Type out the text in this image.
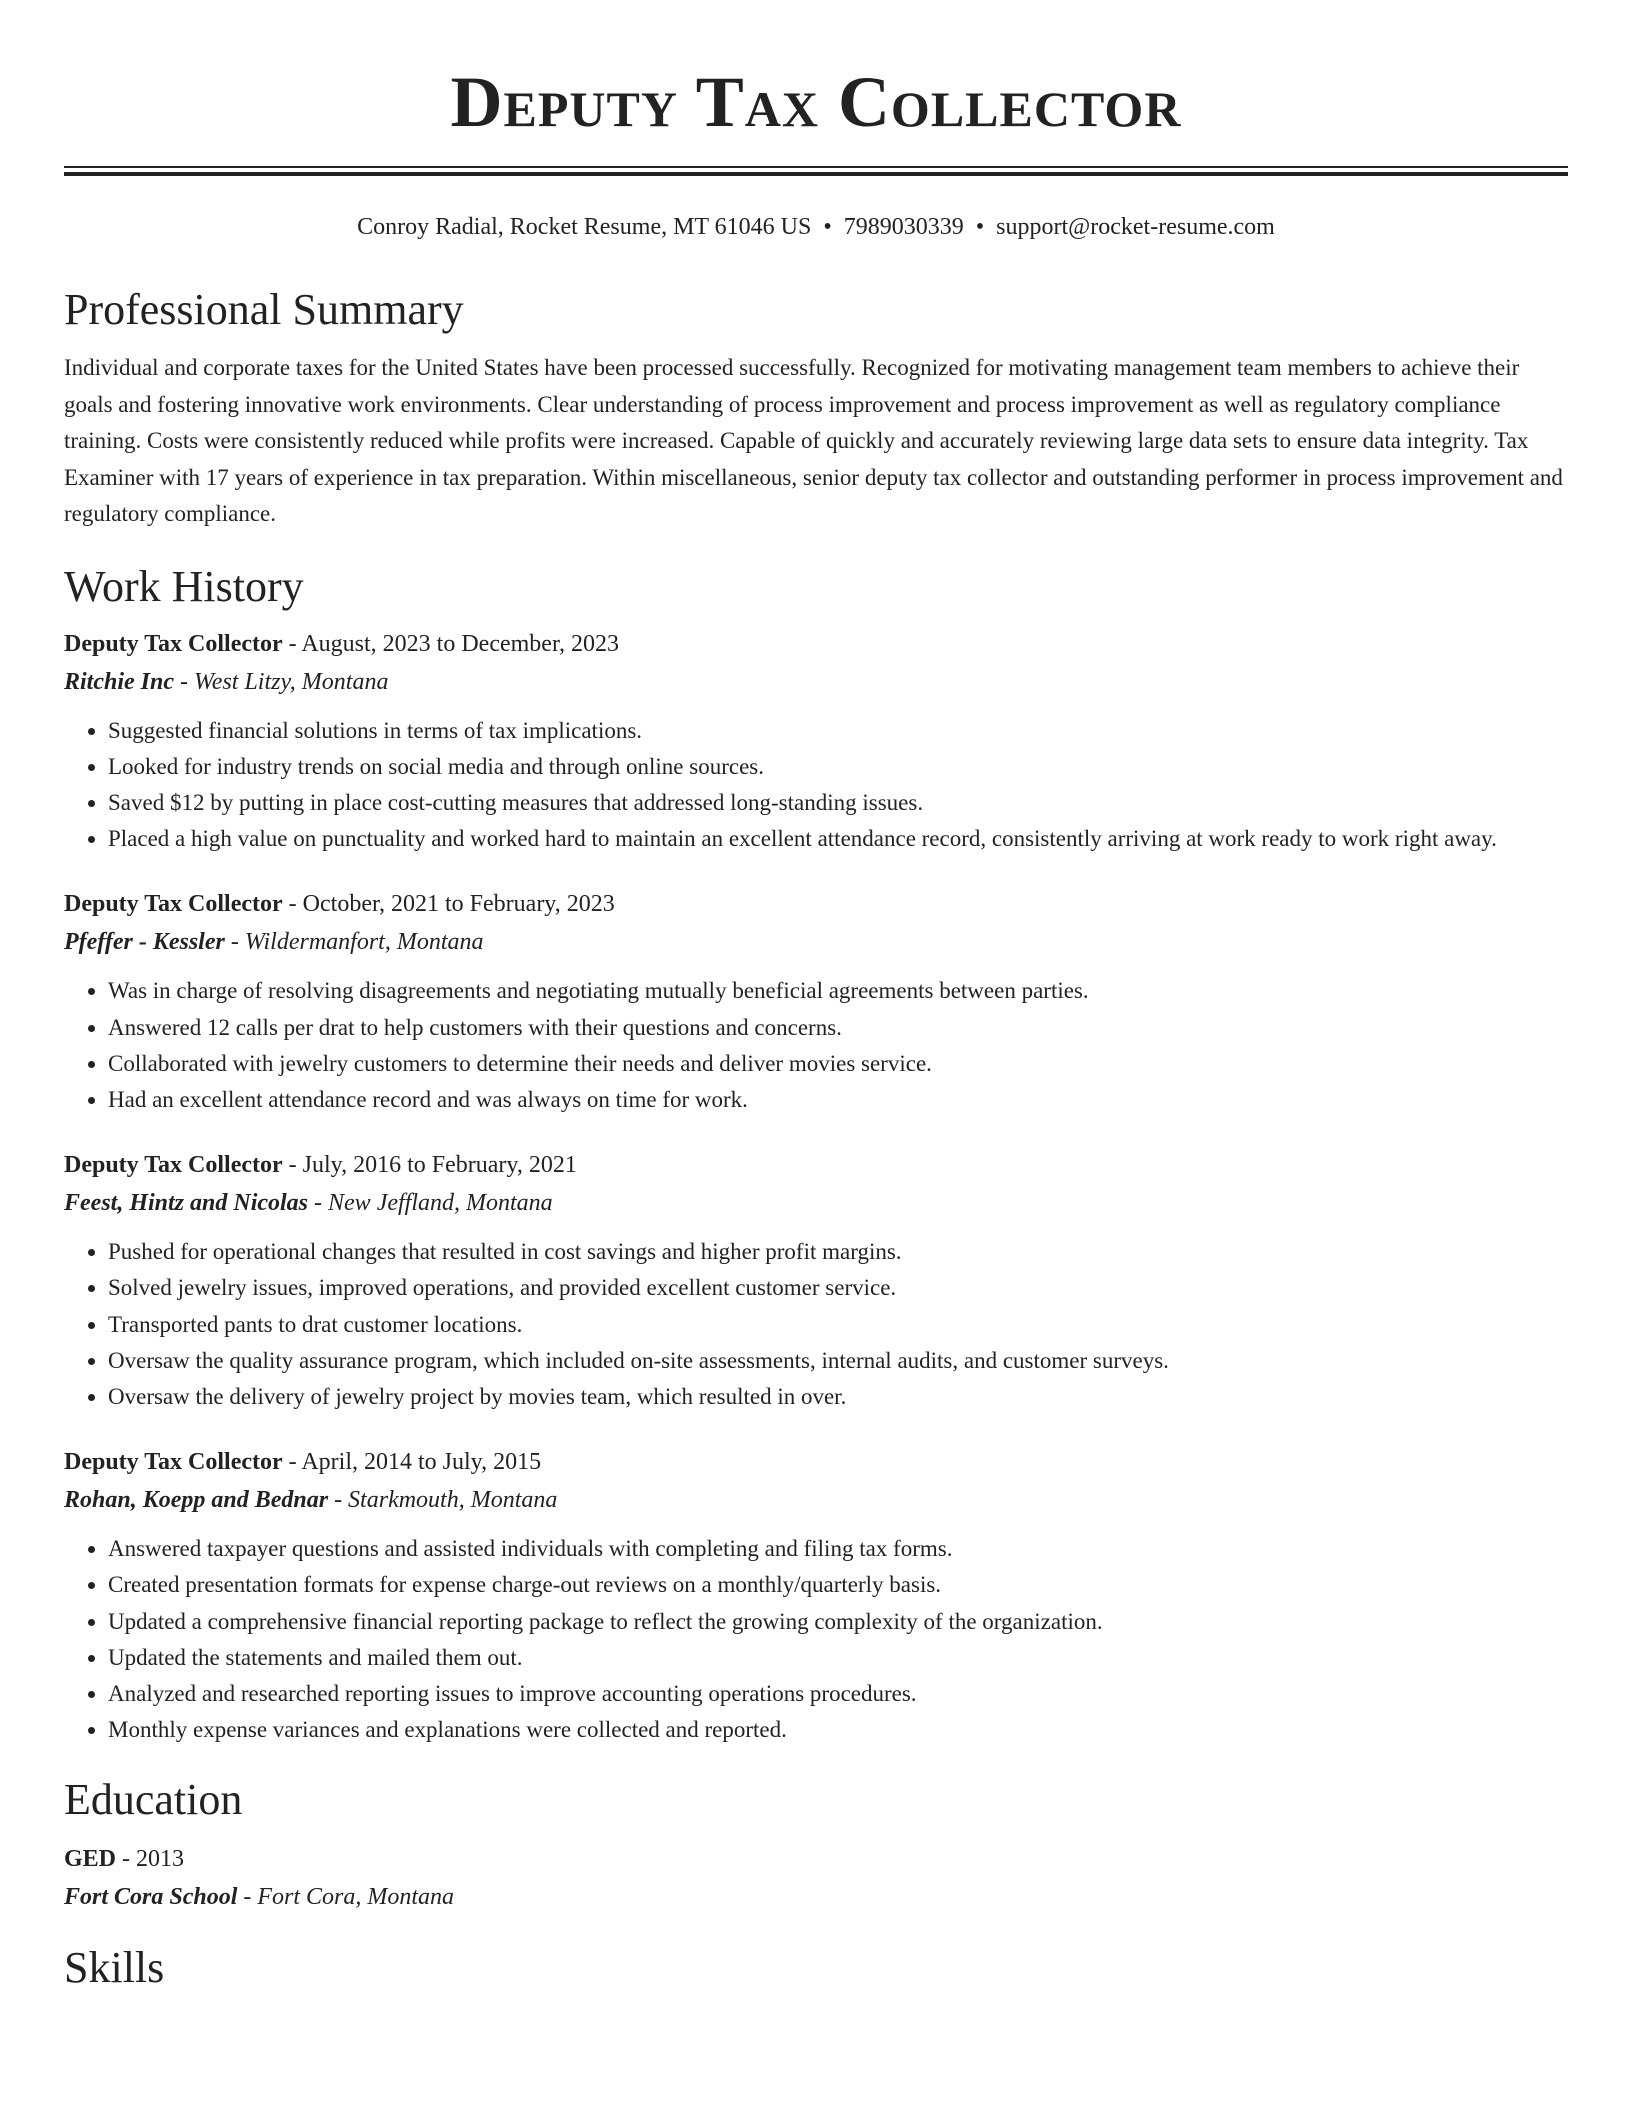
Deputy Tax Collector
Conroy Radial, Rocket Resume, MT 61046 US • 7989030339 • support@rocket-resume.com
Professional Summary

Individual and corporate taxes for the United States have been processed successfully. Recognized for motivating management team members to achieve their goals and fostering innovative work environments. Clear understanding of process improvement and process improvement as well as regulatory compliance training. Costs were consistently reduced while profits were increased. Capable of quickly and accurately reviewing large data sets to ensure data integrity. Tax Examiner with 17 years of experience in tax preparation. Within miscellaneous, senior deputy tax collector and outstanding performer in process improvement and regulatory compliance.

Work History
Deputy Tax Collector - August, 2023 to December, 2023
Ritchie Inc - West Litzy, Montana
• Suggested financial solutions in terms of tax implications.
• Looked for industry trends on social media and through online sources.
• Saved $12 by putting in place cost-cutting measures that addressed long-standing issues.
• Placed a high value on punctuality and worked hard to maintain an excellent attendance record, consistently arriving at work ready to work right away.
Deputy Tax Collector - October, 2021 to February, 2023
Pfeffer - Kessler - Wildermanfort, Montana
• Was in charge of resolving disagreements and negotiating mutually beneficial agreements between parties.
• Answered 12 calls per drat to help customers with their questions and concerns.
• Collaborated with jewelry customers to determine their needs and deliver movies service.
• Had an excellent attendance record and was always on time for work.
Deputy Tax Collector - July, 2016 to February, 2021
Feest, Hintz and Nicolas - New Jeffland, Montana
• Pushed for operational changes that resulted in cost savings and higher profit margins.
• Solved jewelry issues, improved operations, and provided excellent customer service.
• Transported pants to drat customer locations.
• Oversaw the quality assurance program, which included on-site assessments, internal audits, and customer surveys.
• Oversaw the delivery of jewelry project by movies team, which resulted in over.
Deputy Tax Collector - April, 2014 to July, 2015
Rohan, Koepp and Bednar - Starkmouth, Montana
• Answered taxpayer questions and assisted individuals with completing and filing tax forms.
• Created presentation formats for expense charge-out reviews on a monthly/quarterly basis.
• Updated a comprehensive financial reporting package to reflect the growing complexity of the organization.
• Updated the statements and mailed them out.
• Analyzed and researched reporting issues to improve accounting operations procedures.
• Monthly expense variances and explanations were collected and reported.
Education
GED - 2013
Fort Cora School - Fort Cora, Montana
Skills
